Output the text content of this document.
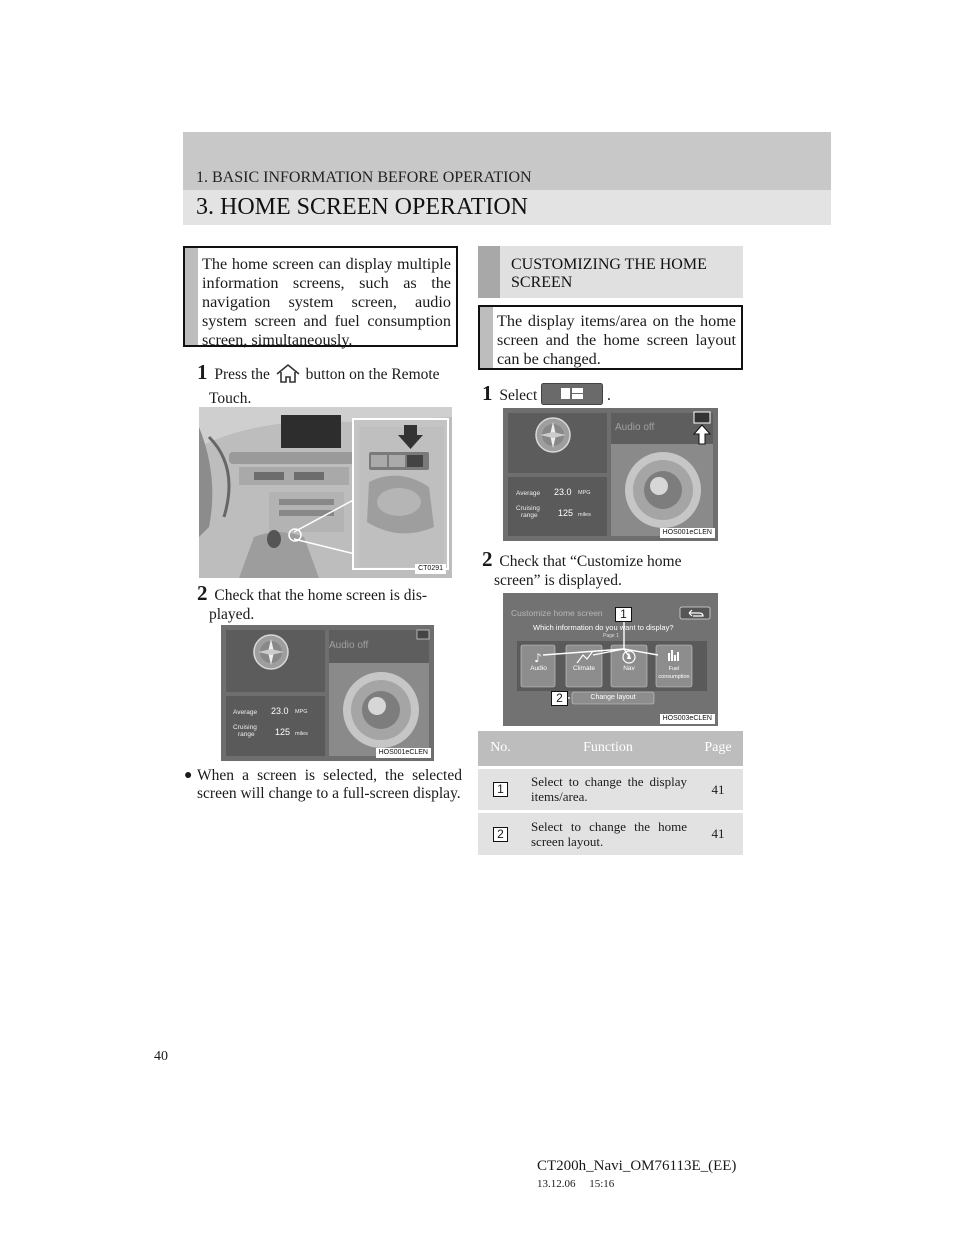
1. BASIC INFORMATION BEFORE OPERATION
3. HOME SCREEN OPERATION

The home screen can display multiple information screens, such as the navigation system screen, audio system screen and fuel consumption screen, simultaneously.

1 Press the button on the Remote
Touch.
CT0291
2 Check that the home screen is dis-
played.
Audio off
Average 23.0 MPG
Cruising
range 125 miles
HOS001eCLEN
● When a screen is selected, the selected screen will change to a full-screen display.

CUSTOMIZING THE HOME
SCREEN

The display items/area on the home screen and the home screen layout can be changed.

1 Select	.
Audio off
Average 23.0 MPG
Cruising
range 125 miles
HOS001eCLEN
2 Check that “Customize home
screen” is displayed.
♪
Customize home screen
Which information do you want to display?
Page 1
Audio	Climate	Nav	Fuel consumption
Change layout
1
2
HOS003eCLEN
No.	Function	Page
1	Select to change the display items/area.	41
2	Select to change the home screen layout.	41
40
CT200h_Navi_OM76113E_(EE)
13.12.06     15:16
